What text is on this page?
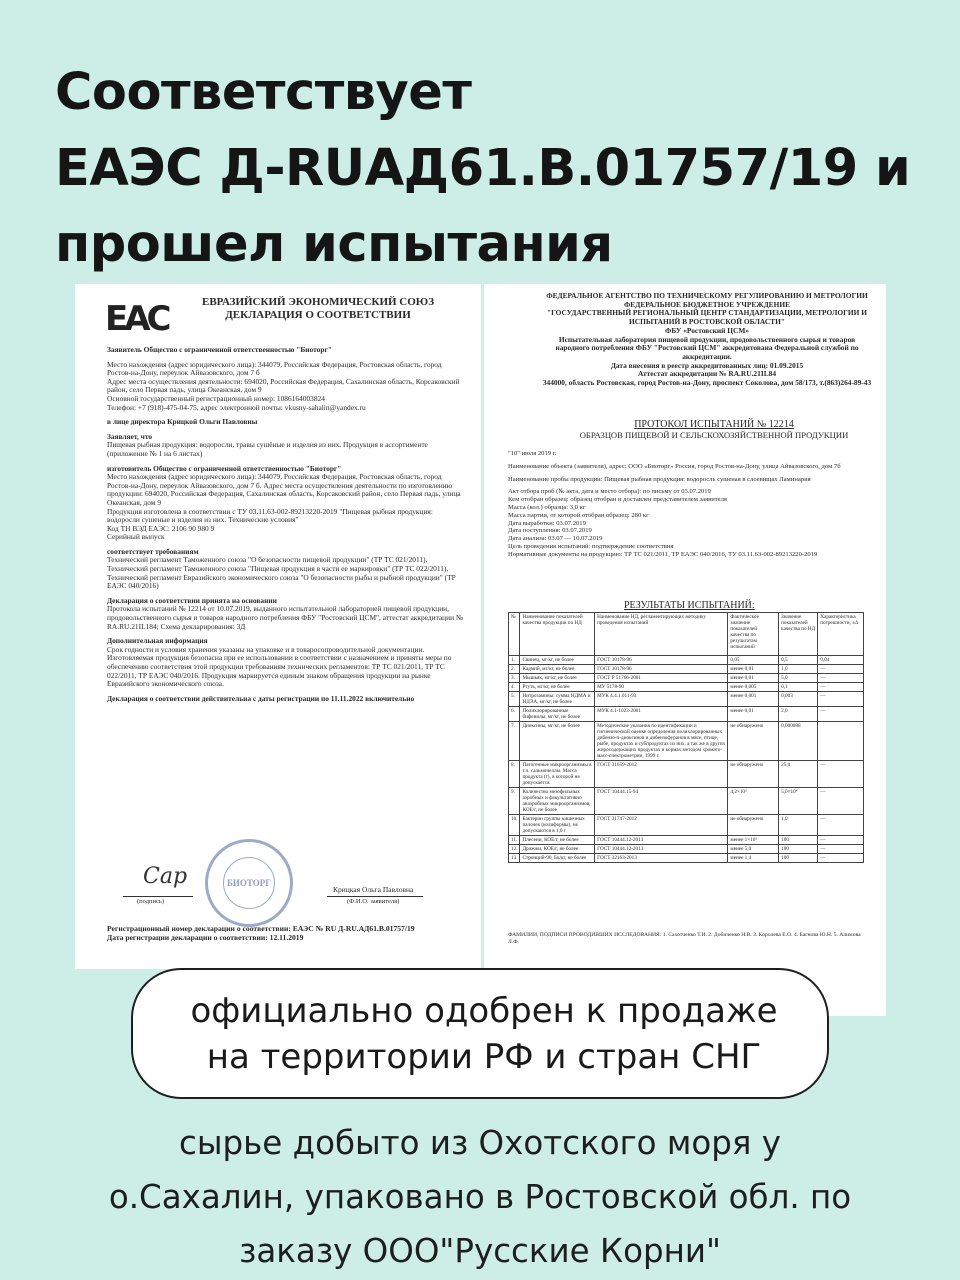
Соответствует
ЕАЭС Д-RUАД61.В.01757/19 и
прошел испытания
ЕАС	ЕВРАЗИЙСКИЙ ЭКОНОМИЧЕСКИЙ СОЮЗ
ДЕКЛАРАЦИЯ О СООТВЕТСТВИИ

Заявитель Общество с ограниченной ответственностью "Биоторг"

Место нахождения (адрес юридического лица): 344079, Российская Федерация, Ростовская область, город Ростов-на-Дону, переулок Айвазовского, дом 7 б
Адрес места осуществления деятельности: 694020, Российская Федерация, Сахалинская область, Корсаковский район, село Первая падь, улица Океанская, дом 9
Основной государственный регистрационный номер: 1086164003824
Телефон: +7 (918)-475-04-75, адрес электронной почты: vkusny-sahalin@yandex.ru

в лице директора Крицкой Ольги Павловны

Заявляет, что
Пищевая рыбная продукция: водоросли, травы сушёные и изделия из них. Продукция в ассортименте (приложение № 1 на 6 листах)

изготовитель Общество с ограниченной ответственностью "Биоторг"
Место нахождения (адрес юридического лица): 344079, Российская Федерация, Ростовская область, город Ростов-на-Дону, переулок Айвазовского, дом 7 б. Адрес места осуществления деятельности по изготовлению продукции: 694020, Российская Федерация, Сахалинская область, Корсаковский район, село Первая падь, улица Океанская, дом 9
Продукция изготовлена в соответствии с ТУ 03.11.63-002-89213220-2019 "Пищевая рыбная продукция: водоросли сушеные и изделия из них. Технические условия"
Код ТН ВЭД ЕАЭС: 2106 90 980 9
Серийный выпуск

соответствует требованиям
Технический регламент Таможенного союза "О безопасности пищевой продукции" (ТР ТС 021/2011), Технический регламент Таможенного союза "Пищевая продукция в части ее маркировки" (ТР ТС 022/2011), Технический регламент Евразийского экономического союза "О безопасности рыбы и рыбной продукции" (ТР ЕАЭС 040/2016)

Декларация о соответствии принята на основании
Протокола испытаний № 12214 от 10.07.2019, выданного испытательной лабораторией пищевой продукции, продовольственного сырья и товаров народного потребления ФБУ "Ростовский ЦСМ", аттестат аккредитации № RA.RU.21IL184; Схема декларирования: 3Д

Дополнительная информация
Срок годности и условия хранения указаны на упаковке и в товаросопроводительной документации. Изготовляемая продукция безопасна при ее использовании в соответствии с назначением и приняты меры по обеспечению соответствия этой продукции требованиям технических регламентов: ТР ТС 021/2011, ТР ТС 022/2011, ТР ЕАЭС 040/2016. Продукция маркируется единым знаком обращения продукции на рынке Евразийского экономического союза.

Декларация о соответствии действительна с даты регистрации по 11.11.2022 включительно

Cap	БИОТОРГ
(подпись)
Крицкая Ольга Павловна
(Ф.И.О. заявителя)
Регистрационный номер декларации о соответствии: ЕАЭС № RU Д-RU.АД61.В.01757/19
Дата регистрации декларации о соответствии: 12.11.2019
ФЕДЕРАЛЬНОЕ АГЕНТСТВО ПО ТЕХНИЧЕСКОМУ РЕГУЛИРОВАНИЮ И МЕТРОЛОГИИ
ФЕДЕРАЛЬНОЕ БЮДЖЕТНОЕ УЧРЕЖДЕНИЕ
"ГОСУДАРСТВЕННЫЙ РЕГИОНАЛЬНЫЙ ЦЕНТР СТАНДАРТИЗАЦИИ, МЕТРОЛОГИИ И ИСПЫТАНИЙ В РОСТОВСКОЙ ОБЛАСТИ"
ФБУ «Ростовский ЦСМ»
Испытательная лаборатория пищевой продукции, продовольственного сырья и товаров народного потребления ФБУ "Ростовский ЦСМ" аккредитована Федеральной службой по аккредитации.
Дата внесения в реестр аккредитованных лиц: 01.09.2015
Аттестат аккредитации № RA.RU.21IL84
344000, область Ростовская, город Ростов-на-Дону, проспект Соколова, дом 58/173, т.(863)264-89-43
ПРОТОКОЛ ИСПЫТАНИЙ № 12214
ОБРАЗЦОВ ПИЩЕВОЙ И СЕЛЬСКОХОЗЯЙСТВЕННОЙ ПРОДУКЦИИ

"10" июля 2019 г.

Наименование объекта (заявителя), адрес: ООО «Биоторг» Россия, город Ростов-на-Дону, улица Айвазовского, дом 7б

Наименование пробы продукции: Пищевая рыбная продукция: водоросль сушеная в слоевищах Ламинария

Акт отбора проб (№ акта, дата и место отбора): по письму от 03.07.2019
Кем отобран образец: образец отобран и доставлен представителем заявителя
Масса (кол.) образца: 3,0 кг
Масса партии, от которой отобран образец: 280 кг
Дата выработки: 03.07.2019
Дата поступления: 03.07.2019
Дата анализа: 03.07 — 10.07.2019
Цель проведения испытаний: подтверждение соответствия
Нормативные документы на продукцию: ТР ТС 021/2011, ТР ЕАЭС 040/2016, ТУ 03.11.63-002-89213220-2019
РЕЗУЛЬТАТЫ ИСПЫТАНИЙ:
№	Наименование показателей качества продукции по НД	Наименование НД, регламентирующих методику проведения испытаний	Фактическое значение показателей качества по результатам испытаний	Значение показателей качества по НД	Характеристика погрешности, ±Δ
1.	Свинец, мг/кг, не более	ГОСТ 30178-96	0,05	0,5	0,04
2.	Кадмий, мг/кг, не более	ГОСТ 30178-96	менее 0,01	1,0	—
3.	Мышьяк, мг/кг, не более	ГОСТ Р 51766-2001	менее 0,01	5,0	—
4.	Ртуть, мг/кг, не более	МУ 5178-90	менее 0,005	0,1	—
5.	Нитрозамины: сумма НДМА и НДЭА, мг/кг, не более	МУК 4.4.1.011-93	менее 0,001	0,003	—
6.	Полихлорированные бифенилы, мг/кг, не более	МУК 4.1-1023-2001	менее 0,01	2,0	—
7.	Диоксины, мг/кг, не более	Методические указания по идентификации и гигиенической оценке определения полихлорированных дибензо-п-диоксинов и дибензофуранов в мясе, птице, рыбе, продуктах и субпродуктах из них, а так же в других жиросодержащих продуктах и кормах методом хромато-масс-спектрометрии, 1999 г.	не обнаружено	0,000088	
8.	Патогенные микроорганизмы в т.ч. сальмонеллы. Масса продукта (г), в которой не допускается	ГОСТ 31659-2012	не обнаружено	25,0	—
9.	Количество мезофильных аэробных и факультативно анаэробных микроорганизмов, КОЕ/г, не более	ГОСТ 10444.15-94	4,2×10²	5,0×10⁴	—
10.	Бактерии группы кишечных палочек (колиформы), не допускаются в 1,0 г	ГОСТ 31747-2012	не обнаружено	1,0	—
11.	Плесени, КОЕ/г, не более	ГОСТ 10444.12-2013	менее 1×10¹	100	—
12.	Дрожжи, КОЕ/г, не более	ГОСТ 10444.12-2013	менее 5,0	100	—
13.	Стронций-90, Бк/кг, не более	ГОСТ 32163-2013	менее 1,4	100	—
ФАМИЛИИ, ПОДПИСИ ПРОВОДИВШИХ ИССЛЕДОВАНИЯ: 1. Сахотченко Т.И. 2. Добиченко Н.В. 3. Королева Е.О. 4. Багнова Ю.Н. 5. Алимова Л.Ф.
официально одобрен к продаже
на территории РФ и стран СНГ
сырье добыто из Охотского моря у
о.Сахалин, упаковано в Ростовской обл. по
заказу ООО"Русские Корни"
